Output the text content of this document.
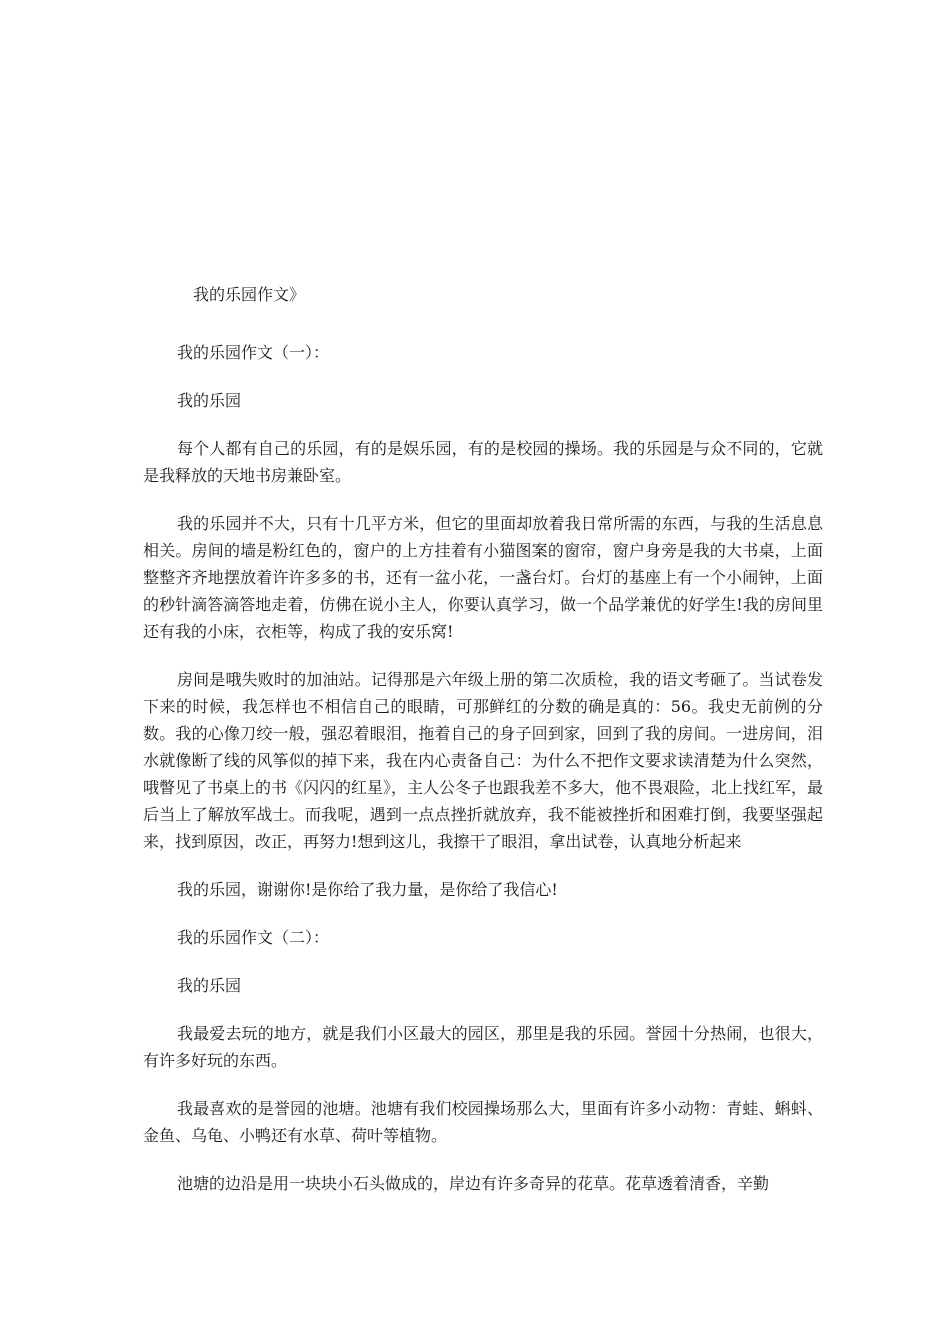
我的乐园作文》

我的乐园作文（一）：

我的乐园

每个人都有自己的乐园，有的是娱乐园，有的是校园的操场。我的乐园是与众不同的，它就是我释放的天地书房兼卧室。

我的乐园并不大，只有十几平方米，但它的里面却放着我日常所需的东西，与我的生活息息相关。房间的墙是粉红色的，窗户的上方挂着有小猫图案的窗帘，窗户身旁是我的大书桌，上面整整齐齐地摆放着许许多多的书，还有一盆小花，一盏台灯。台灯的基座上有一个小闹钟，上面的秒针滴答滴答地走着，仿佛在说小主人，你要认真学习，做一个品学兼优的好学生!我的房间里还有我的小床，衣柜等，构成了我的安乐窝!

房间是哦失败时的加油站。记得那是六年级上册的第二次质检，我的语文考砸了。当试卷发下来的时候，我怎样也不相信自己的眼睛，可那鲜红的分数的确是真的：56。我史无前例的分数。我的心像刀绞一般，强忍着眼泪，拖着自己的身子回到家，回到了我的房间。一进房间，泪水就像断了线的风筝似的掉下来，我在内心责备自己：为什么不把作文要求读清楚为什么突然，哦瞥见了书桌上的书《闪闪的红星》，主人公冬子也跟我差不多大，他不畏艰险，北上找红军，最后当上了解放军战士。而我呢，遇到一点点挫折就放弃，我不能被挫折和困难打倒，我要坚强起来，找到原因，改正，再努力!想到这儿，我擦干了眼泪，拿出试卷，认真地分析起来

我的乐园，谢谢你!是你给了我力量，是你给了我信心!

我的乐园作文（二）：

我的乐园

我最爱去玩的地方，就是我们小区最大的园区，那里是我的乐园。誉园十分热闹，也很大，有许多好玩的东西。

我最喜欢的是誉园的池塘。池塘有我们校园操场那么大，里面有许多小动物：青蛙、蝌蚪、金鱼、乌龟、小鸭还有水草、荷叶等植物。

池塘的边沿是用一块块小石头做成的，岸边有许多奇异的花草。花草透着清香，辛勤
